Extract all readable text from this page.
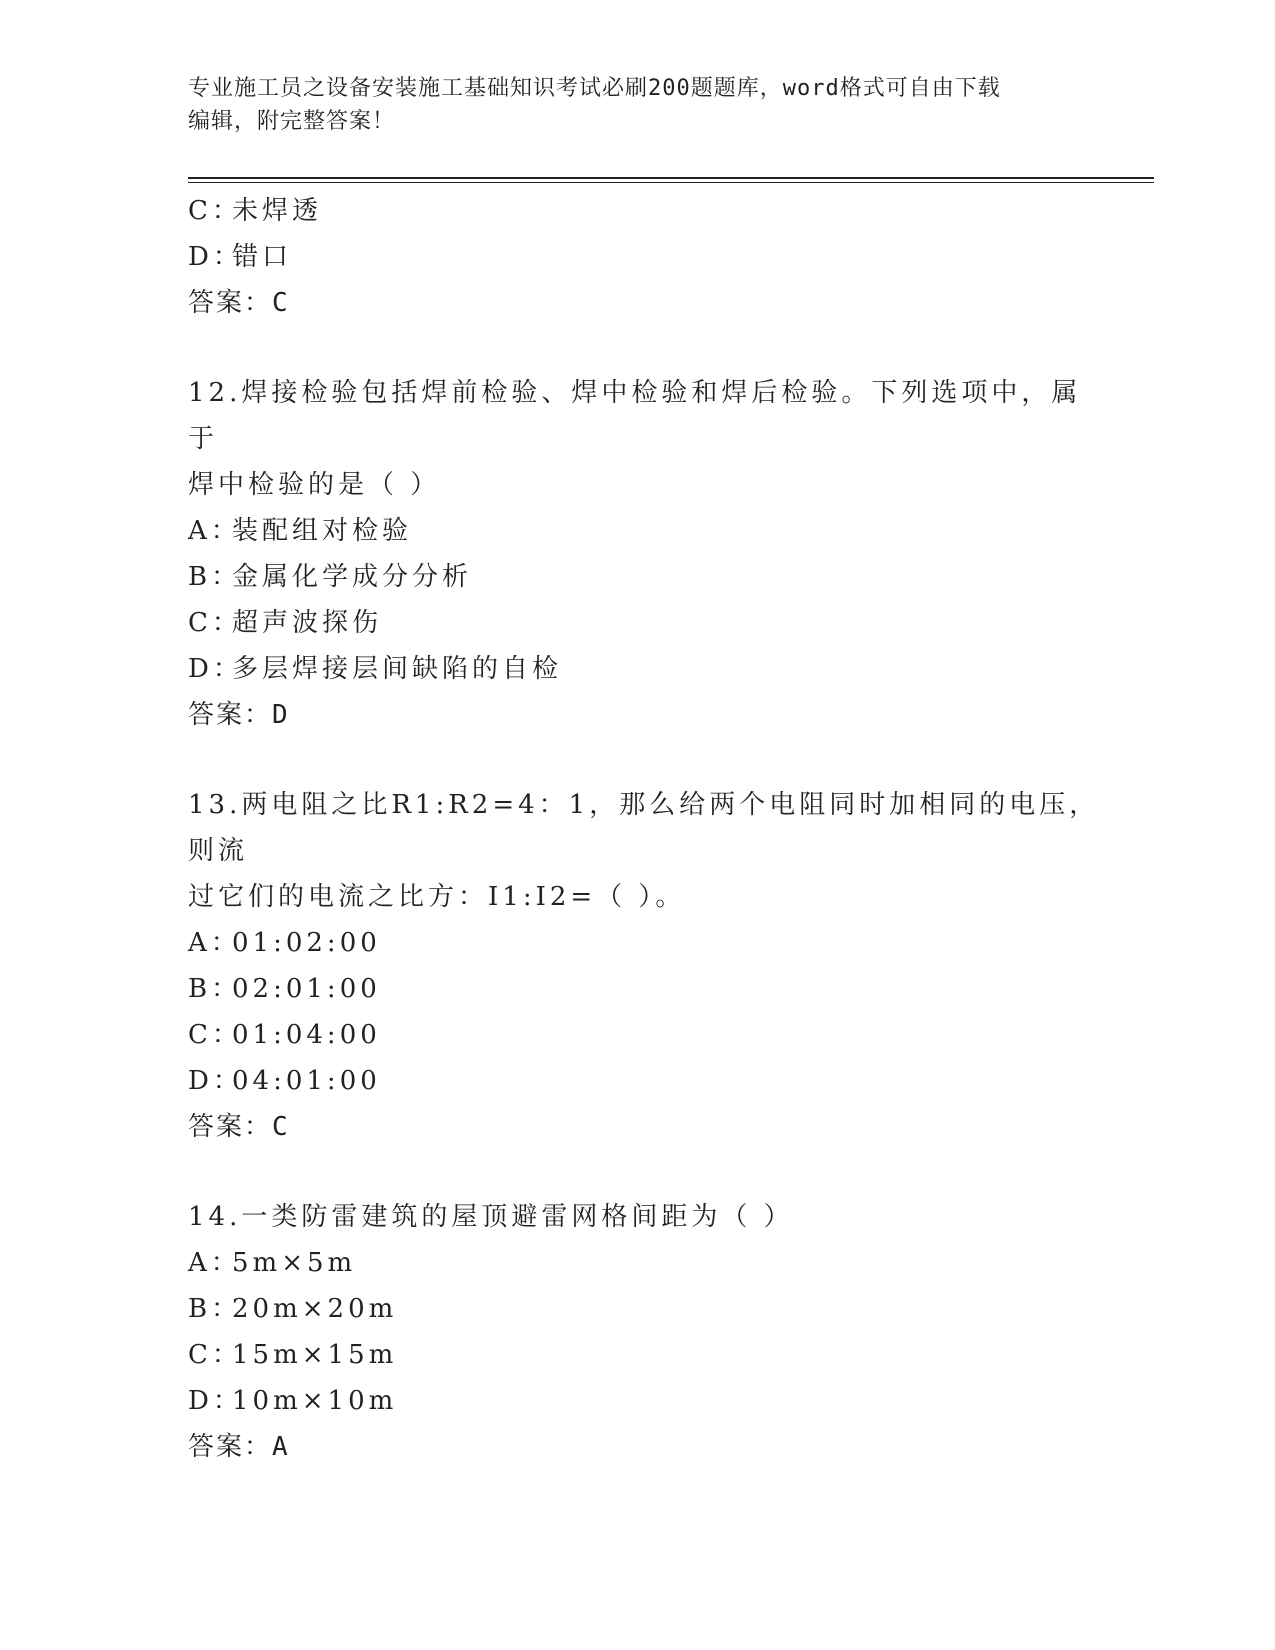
专业施工员之设备安装施工基础知识考试必刷200题题库，word格式可自由下载
编辑，附完整答案！
C：未焊透
D：错口
答案：C
12.焊接检验包括焊前检验、焊中检验和焊后检验。下列选项中，属于
焊中检验的是（ ）
A：装配组对检验
B：金属化学成分分析
C：超声波探伤
D：多层焊接层间缺陷的自检
答案：D
13.两电阻之比R1:R2=4：1，那么给两个电阻同时加相同的电压，则流
过它们的电流之比方：I1:I2=（ ）。
A：01:02:00
B：02:01:00
C：01:04:00
D：04:01:00
答案：C
14.一类防雷建筑的屋顶避雷网格间距为（ ）
A：5m×5m
B：20m×20m
C：15m×15m
D：10m×10m
答案：A
